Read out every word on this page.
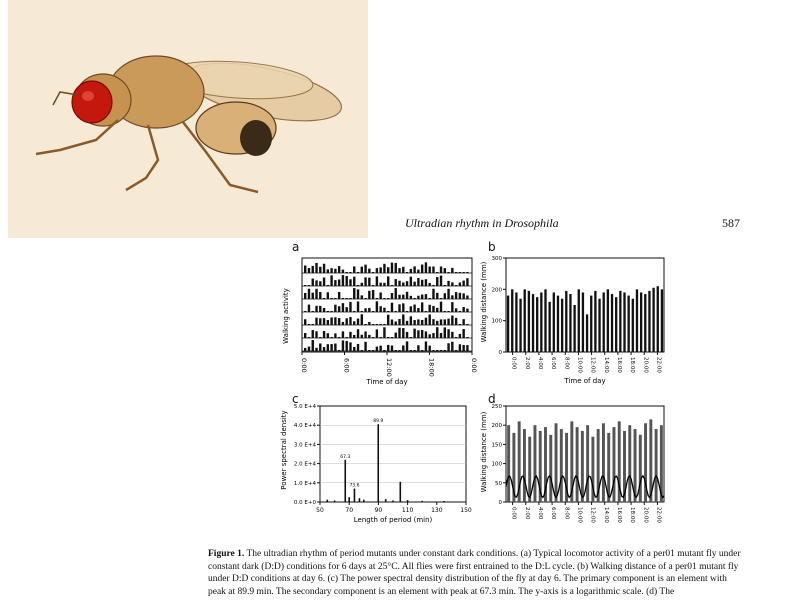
Ultradian rhythm in Drosophila	587
a	b
c	d
Walking activity
0:00	6:00	12:00	18:00	0:00
Time of day
Walking distance (mm)
0
100
200
300
0:00 2:00 4:00 6:00 8:00 10:00 12:00 14:00 16:00 18:00 20:00 22:00
Time of day
Power spectral density
0.0 E+0
1.0 E+4
2.0 E+4
3.0 E+4
4.0 E+4
5.0 E+4
89.9
67.3
73.6
50	70	90	110	130	150
Length of period (min)
Walking distance (mm)
0
50
100
150
200
250
0:00 2:00 4:00 6:00 8:00 10:00 12:00 14:00 16:00 18:00 20:00 22:00
Figure 1. The ultradian rhythm of period mutants under constant dark conditions. (a) Typical locomotor activity of a per01 mutant fly under constant dark (D:D) conditions for 6 days at 25°C. All flies were first entrained to the D:L cycle. (b) Walking distance of a per01 mutant fly under D:D conditions at day 6. (c) The power spectral density distribution of the fly at day 6. The primary component is an element with peak at 89.9 min. The secondary component is an element with peak at 67.3 min. The y-axis is a logarithmic scale. (d) The
